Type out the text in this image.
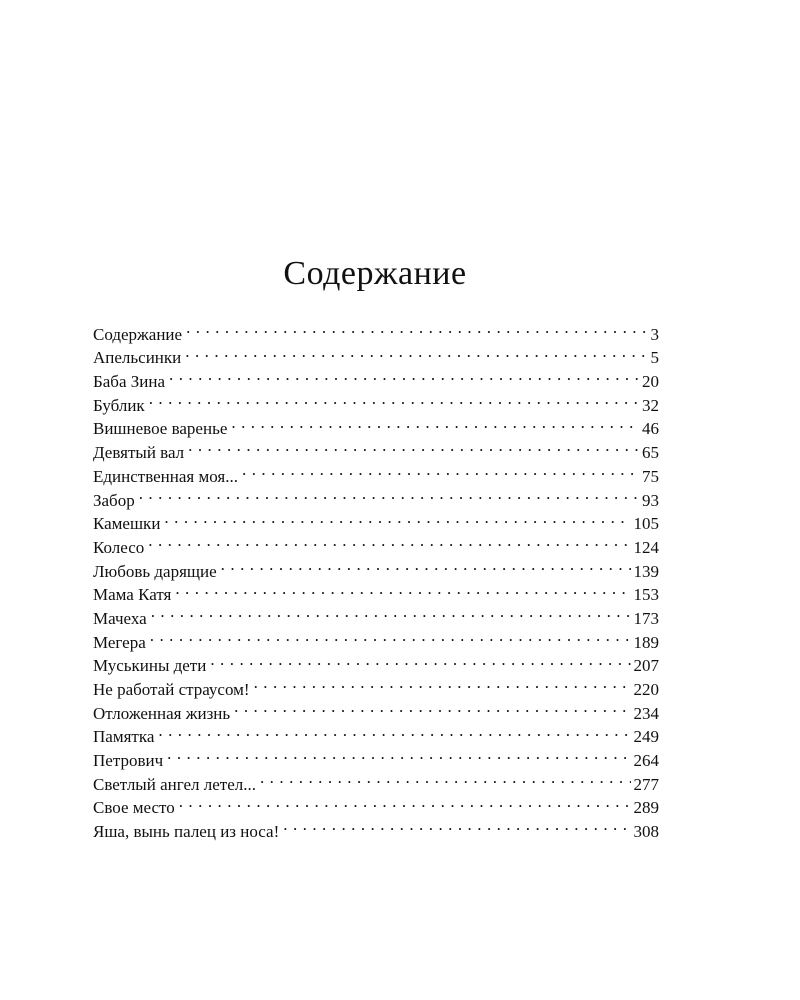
Содержание
Содержание . . .	3
Апельсинки . . .	5
Баба Зина . . .	20
Бублик . . .	32
Вишневое варенье . . .	46
Девятый вал . . .	65
Единственная моя... . . .	75
Забор . . .	93
Камешки . . .	105
Колесо . . .	124
Любовь дарящие . . .	139
Мама Катя . . .	153
Мачеха . . .	173
Мегера . . .	189
Муськины дети . . .	207
Не работай страусом! . . .	220
Отложенная жизнь . . .	234
Памятка . . .	249
Петрович . . .	264
Светлый ангел летел... . . .	277
Свое место . . .	289
Яша, вынь палец из носа! . . .	308
